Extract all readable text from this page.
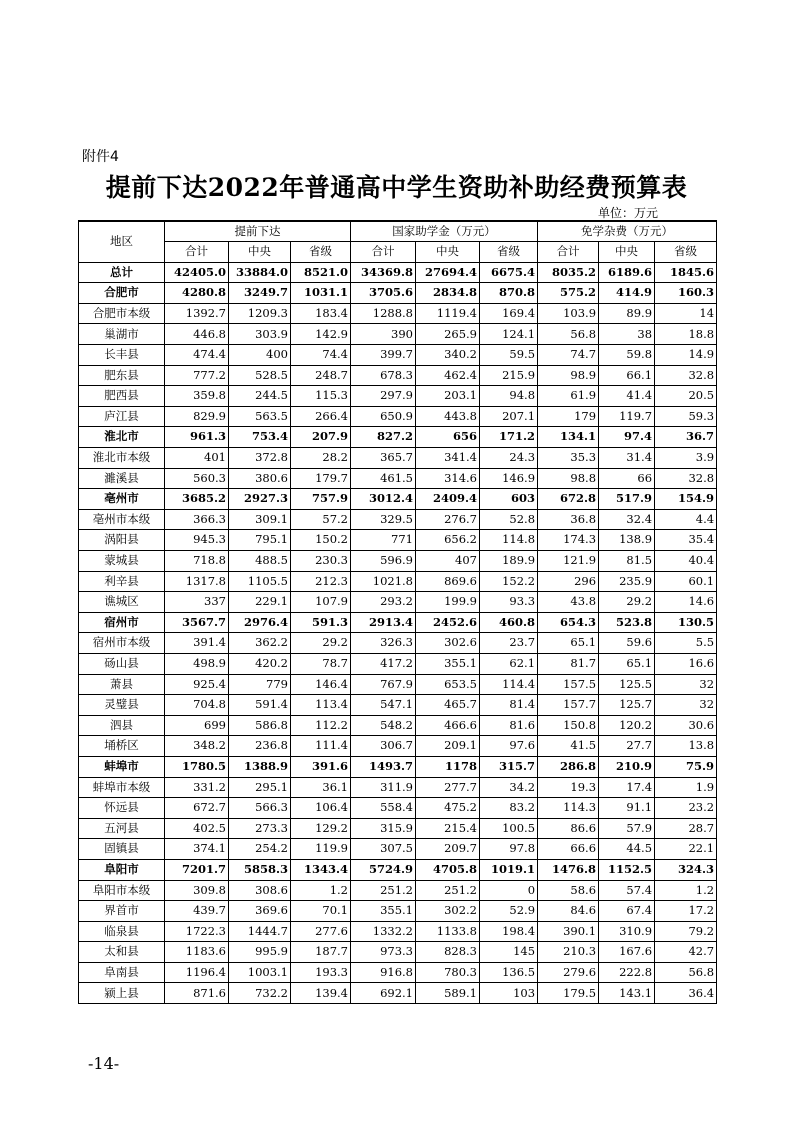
附件4
提前下达2022年普通高中学生资助补助经费预算表
单位：万元
地区	提前下达			国家助学金（万元）			免学杂费（万元）		
	合计	中央	省级	合计	中央	省级	合计	中央	省级
总计	42405.0	33884.0	8521.0	34369.8	27694.4	6675.4	8035.2	6189.6	1845.6
合肥市	4280.8	3249.7	1031.1	3705.6	2834.8	870.8	575.2	414.9	160.3
合肥市本级	1392.7	1209.3	183.4	1288.8	1119.4	169.4	103.9	89.9	14
巢湖市	446.8	303.9	142.9	390	265.9	124.1	56.8	38	18.8
长丰县	474.4	400	74.4	399.7	340.2	59.5	74.7	59.8	14.9
肥东县	777.2	528.5	248.7	678.3	462.4	215.9	98.9	66.1	32.8
肥西县	359.8	244.5	115.3	297.9	203.1	94.8	61.9	41.4	20.5
庐江县	829.9	563.5	266.4	650.9	443.8	207.1	179	119.7	59.3
淮北市	961.3	753.4	207.9	827.2	656	171.2	134.1	97.4	36.7
淮北市本级	401	372.8	28.2	365.7	341.4	24.3	35.3	31.4	3.9
濉溪县	560.3	380.6	179.7	461.5	314.6	146.9	98.8	66	32.8
亳州市	3685.2	2927.3	757.9	3012.4	2409.4	603	672.8	517.9	154.9
亳州市本级	366.3	309.1	57.2	329.5	276.7	52.8	36.8	32.4	4.4
涡阳县	945.3	795.1	150.2	771	656.2	114.8	174.3	138.9	35.4
蒙城县	718.8	488.5	230.3	596.9	407	189.9	121.9	81.5	40.4
利辛县	1317.8	1105.5	212.3	1021.8	869.6	152.2	296	235.9	60.1
谯城区	337	229.1	107.9	293.2	199.9	93.3	43.8	29.2	14.6
宿州市	3567.7	2976.4	591.3	2913.4	2452.6	460.8	654.3	523.8	130.5
宿州市本级	391.4	362.2	29.2	326.3	302.6	23.7	65.1	59.6	5.5
砀山县	498.9	420.2	78.7	417.2	355.1	62.1	81.7	65.1	16.6
萧县	925.4	779	146.4	767.9	653.5	114.4	157.5	125.5	32
灵璧县	704.8	591.4	113.4	547.1	465.7	81.4	157.7	125.7	32
泗县	699	586.8	112.2	548.2	466.6	81.6	150.8	120.2	30.6
埇桥区	348.2	236.8	111.4	306.7	209.1	97.6	41.5	27.7	13.8
蚌埠市	1780.5	1388.9	391.6	1493.7	1178	315.7	286.8	210.9	75.9
蚌埠市本级	331.2	295.1	36.1	311.9	277.7	34.2	19.3	17.4	1.9
怀远县	672.7	566.3	106.4	558.4	475.2	83.2	114.3	91.1	23.2
五河县	402.5	273.3	129.2	315.9	215.4	100.5	86.6	57.9	28.7
固镇县	374.1	254.2	119.9	307.5	209.7	97.8	66.6	44.5	22.1
阜阳市	7201.7	5858.3	1343.4	5724.9	4705.8	1019.1	1476.8	1152.5	324.3
阜阳市本级	309.8	308.6	1.2	251.2	251.2	0	58.6	57.4	1.2
界首市	439.7	369.6	70.1	355.1	302.2	52.9	84.6	67.4	17.2
临泉县	1722.3	1444.7	277.6	1332.2	1133.8	198.4	390.1	310.9	79.2
太和县	1183.6	995.9	187.7	973.3	828.3	145	210.3	167.6	42.7
阜南县	1196.4	1003.1	193.3	916.8	780.3	136.5	279.6	222.8	56.8
颍上县	871.6	732.2	139.4	692.1	589.1	103	179.5	143.1	36.4
-14-
